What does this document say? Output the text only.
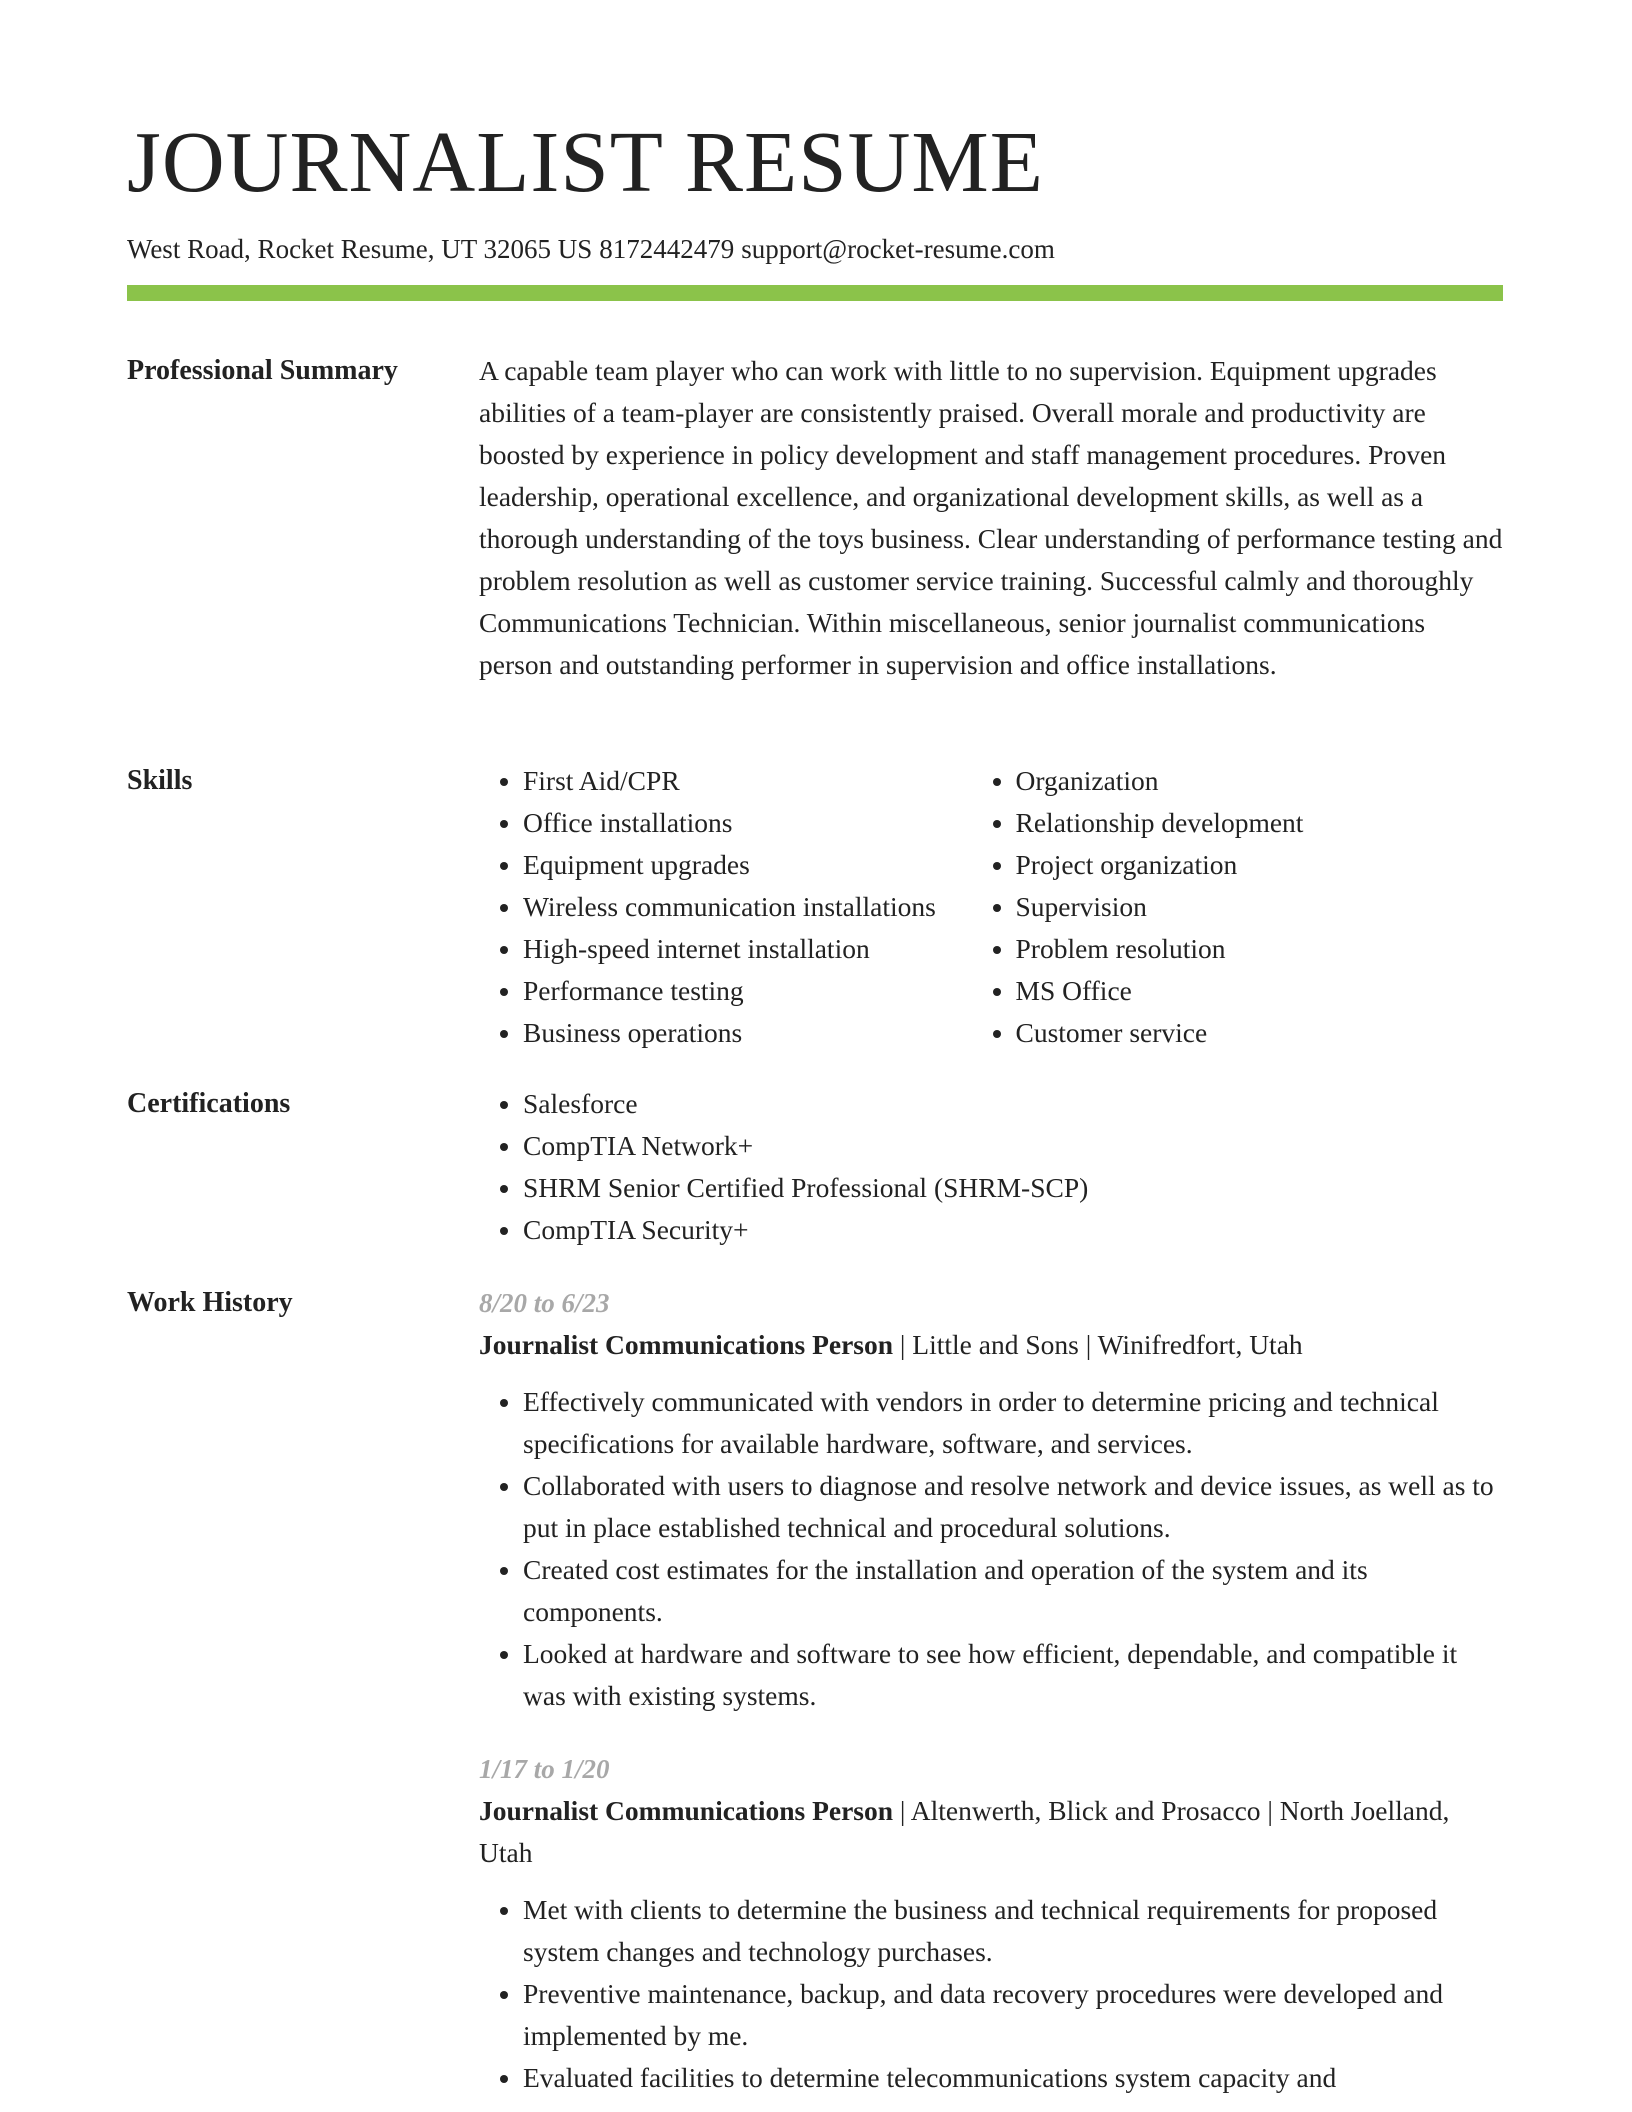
JOURNALIST RESUME
West Road, Rocket Resume, UT 32065 US 8172442479 support@rocket-resume.com
Professional Summary	A capable team player who can work with little to no supervision. Equipment upgrades abilities of a team-player are consistently praised. Overall morale and productivity are boosted by experience in policy development and staff management procedures. Proven leadership, operational excellence, and organizational development skills, as well as a thorough understanding of the toys business. Clear understanding of performance testing and problem resolution as well as customer service training. Successful calmly and thoroughly Communications Technician. Within miscellaneous, senior journalist communications person and outstanding performer in supervision and office installations.

Skills	• First Aid/CPR
• Office installations
• Equipment upgrades
• Wireless communication installations
• High-speed internet installation
• Performance testing
• Business operations
• Organization
• Relationship development
• Project organization
• Supervision
• Problem resolution
• MS Office
• Customer service
Certifications	• Salesforce
• CompTIA Network+
• SHRM Senior Certified Professional (SHRM-SCP)
• CompTIA Security+
Work History	8/20 to 6/23
Journalist Communications Person | Little and Sons | Winifredfort, Utah
• Effectively communicated with vendors in order to determine pricing and technical specifications for available hardware, software, and services.
• Collaborated with users to diagnose and resolve network and device issues, as well as to put in place established technical and procedural solutions.
• Created cost estimates for the installation and operation of the system and its components.
• Looked at hardware and software to see how efficient, dependable, and compatible it was with existing systems.
1/17 to 1/20
Journalist Communications Person | Altenwerth, Blick and Prosacco | North Joelland, Utah
• Met with clients to determine the business and technical requirements for proposed system changes and technology purchases.
• Preventive maintenance, backup, and data recovery procedures were developed and implemented by me.
• Evaluated facilities to determine telecommunications system capacity and
